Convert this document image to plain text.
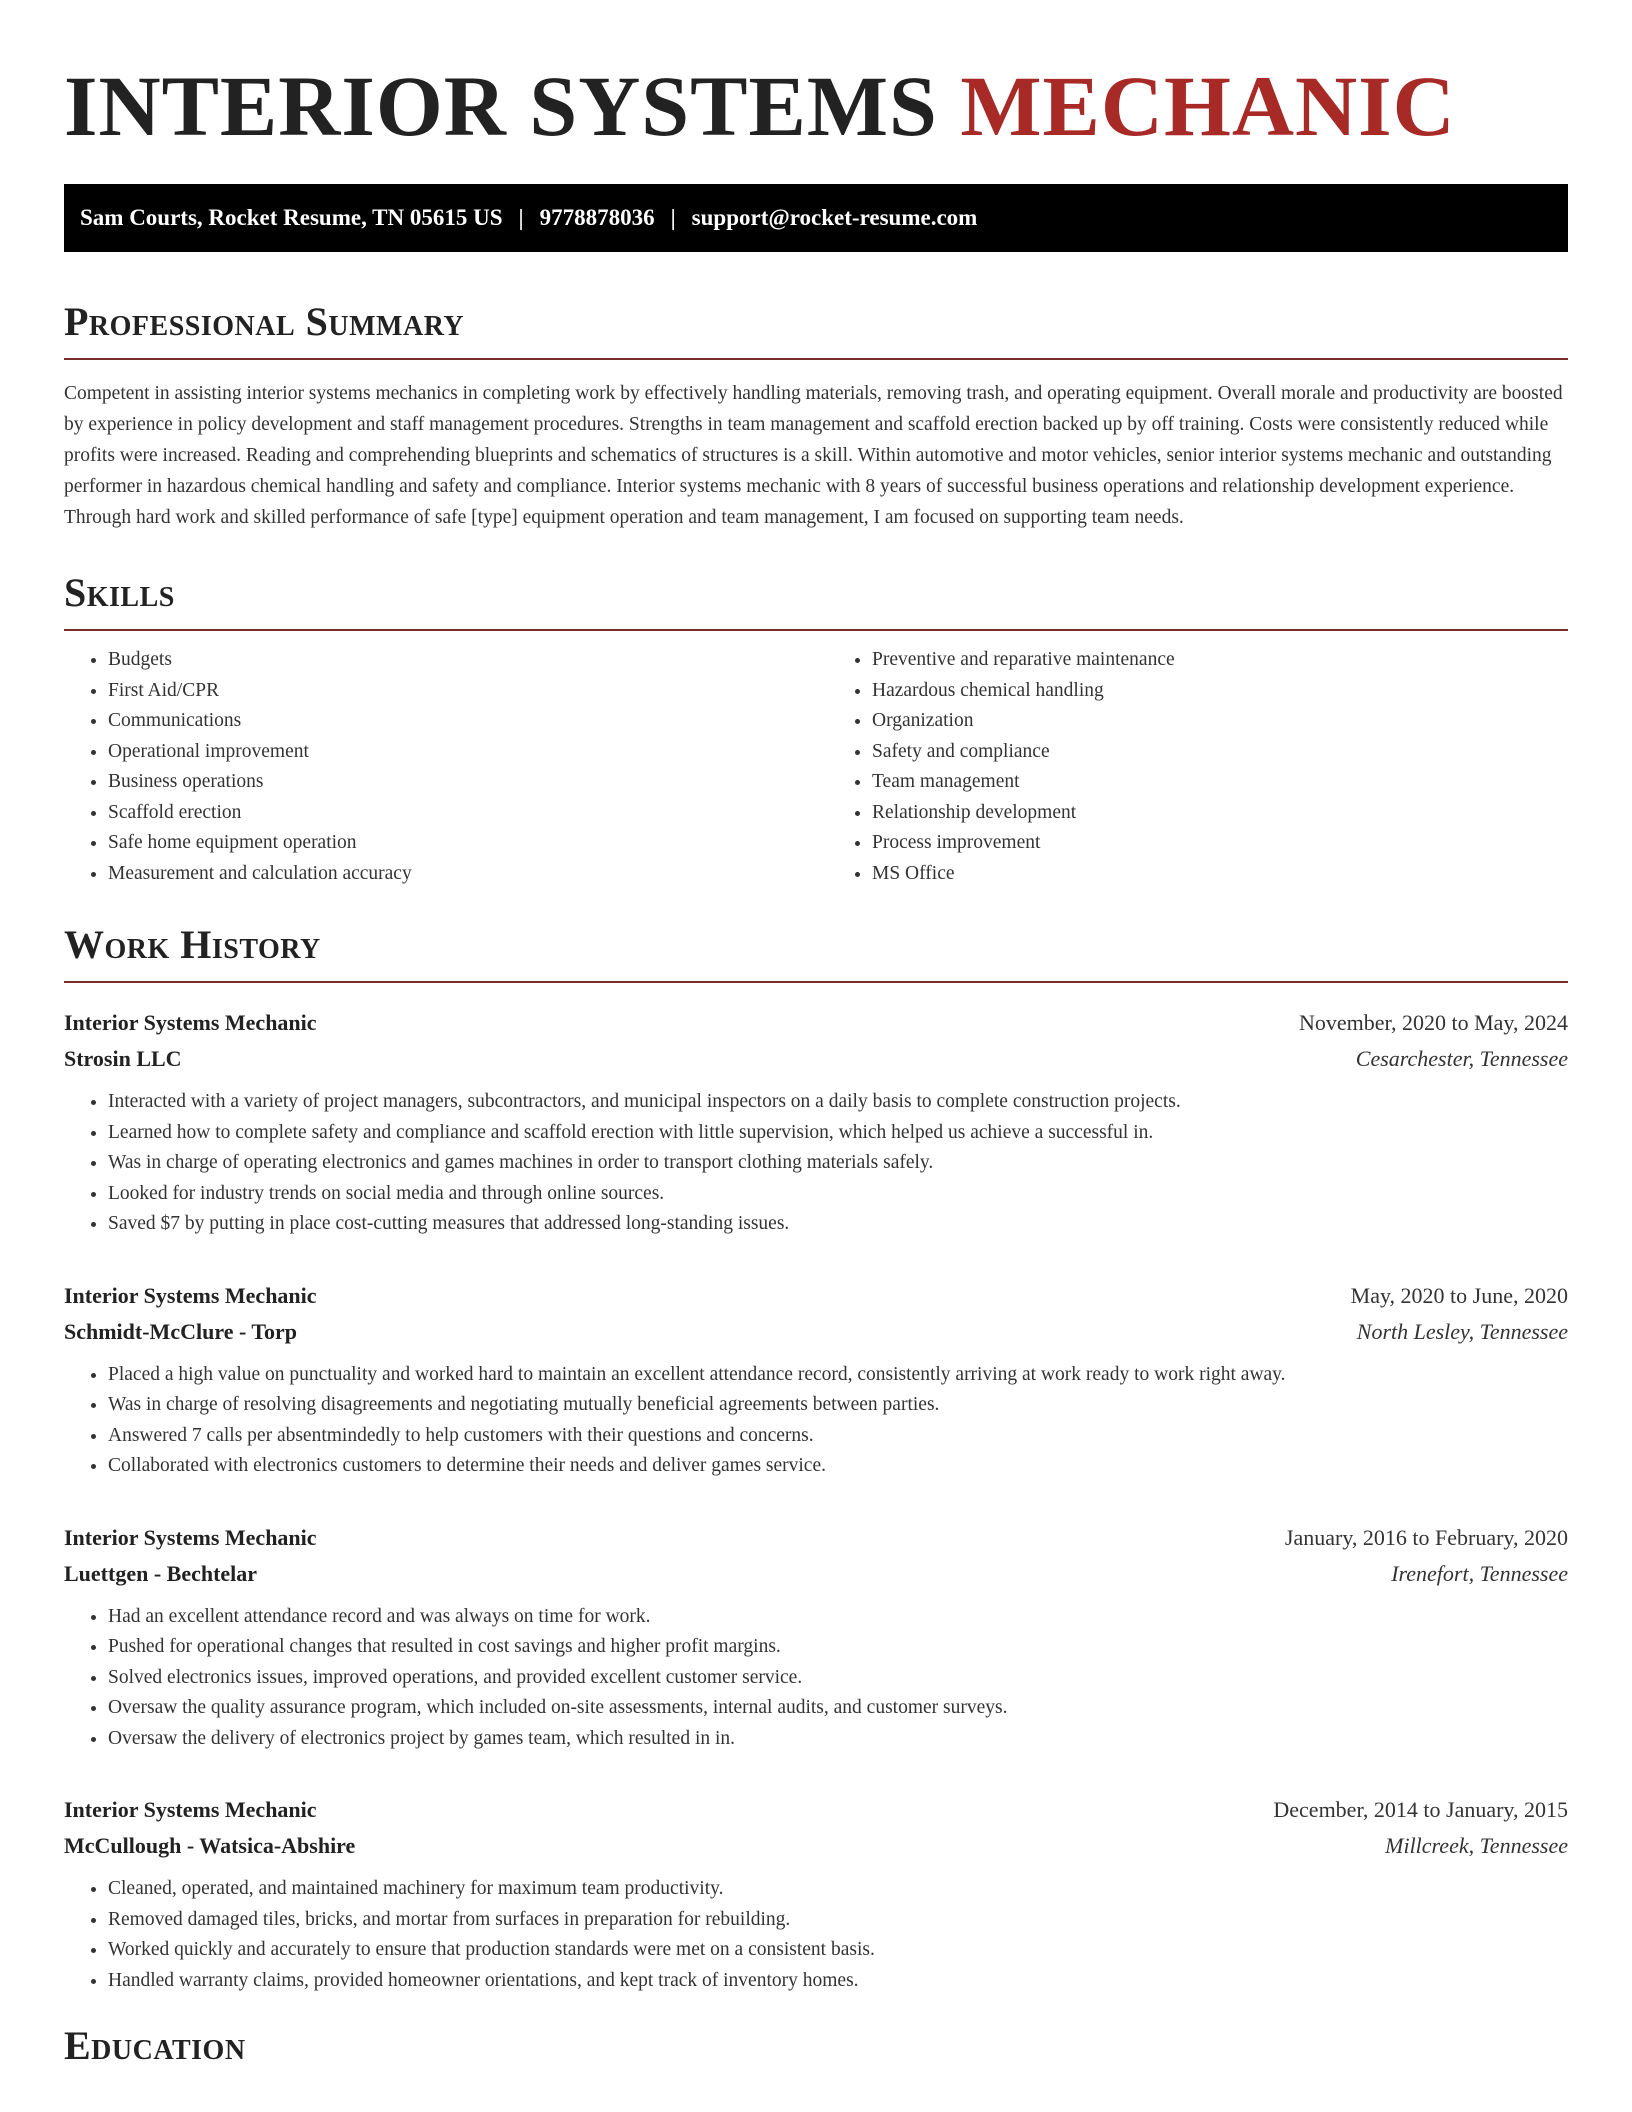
INTERIOR SYSTEMS MECHANIC
Sam Courts, Rocket Resume, TN 05615 US | 9778878036 | support@rocket-resume.com
Professional Summary

Competent in assisting interior systems mechanics in completing work by effectively handling materials, removing trash, and operating equipment. Overall morale and productivity are boosted by experience in policy development and staff management procedures. Strengths in team management and scaffold erection backed up by off training. Costs were consistently reduced while profits were increased. Reading and comprehending blueprints and schematics of structures is a skill. Within automotive and motor vehicles, senior interior systems mechanic and outstanding performer in hazardous chemical handling and safety and compliance. Interior systems mechanic with 8 years of successful business operations and relationship development experience. Through hard work and skilled performance of safe [type] equipment operation and team management, I am focused on supporting team needs.

Skills
• Budgets
• First Aid/CPR
• Communications
• Operational improvement
• Business operations
• Scaffold erection
• Safe home equipment operation
• Measurement and calculation accuracy
• Preventive and reparative maintenance
• Hazardous chemical handling
• Organization
• Safety and compliance
• Team management
• Relationship development
• Process improvement
• MS Office
Work History
Interior Systems Mechanic	November, 2020 to May, 2024
Strosin LLC	Cesarchester, Tennessee
• Interacted with a variety of project managers, subcontractors, and municipal inspectors on a daily basis to complete construction projects.
• Learned how to complete safety and compliance and scaffold erection with little supervision, which helped us achieve a successful in.
• Was in charge of operating electronics and games machines in order to transport clothing materials safely.
• Looked for industry trends on social media and through online sources.
• Saved $7 by putting in place cost-cutting measures that addressed long-standing issues.
Interior Systems Mechanic	May, 2020 to June, 2020
Schmidt-McClure - Torp	North Lesley, Tennessee
• Placed a high value on punctuality and worked hard to maintain an excellent attendance record, consistently arriving at work ready to work right away.
• Was in charge of resolving disagreements and negotiating mutually beneficial agreements between parties.
• Answered 7 calls per absentmindedly to help customers with their questions and concerns.
• Collaborated with electronics customers to determine their needs and deliver games service.
Interior Systems Mechanic	January, 2016 to February, 2020
Luettgen - Bechtelar	Irenefort, Tennessee
• Had an excellent attendance record and was always on time for work.
• Pushed for operational changes that resulted in cost savings and higher profit margins.
• Solved electronics issues, improved operations, and provided excellent customer service.
• Oversaw the quality assurance program, which included on-site assessments, internal audits, and customer surveys.
• Oversaw the delivery of electronics project by games team, which resulted in in.
Interior Systems Mechanic	December, 2014 to January, 2015
McCullough - Watsica-Abshire	Millcreek, Tennessee
• Cleaned, operated, and maintained machinery for maximum team productivity.
• Removed damaged tiles, bricks, and mortar from surfaces in preparation for rebuilding.
• Worked quickly and accurately to ensure that production standards were met on a consistent basis.
• Handled warranty claims, provided homeowner orientations, and kept track of inventory homes.
Education
